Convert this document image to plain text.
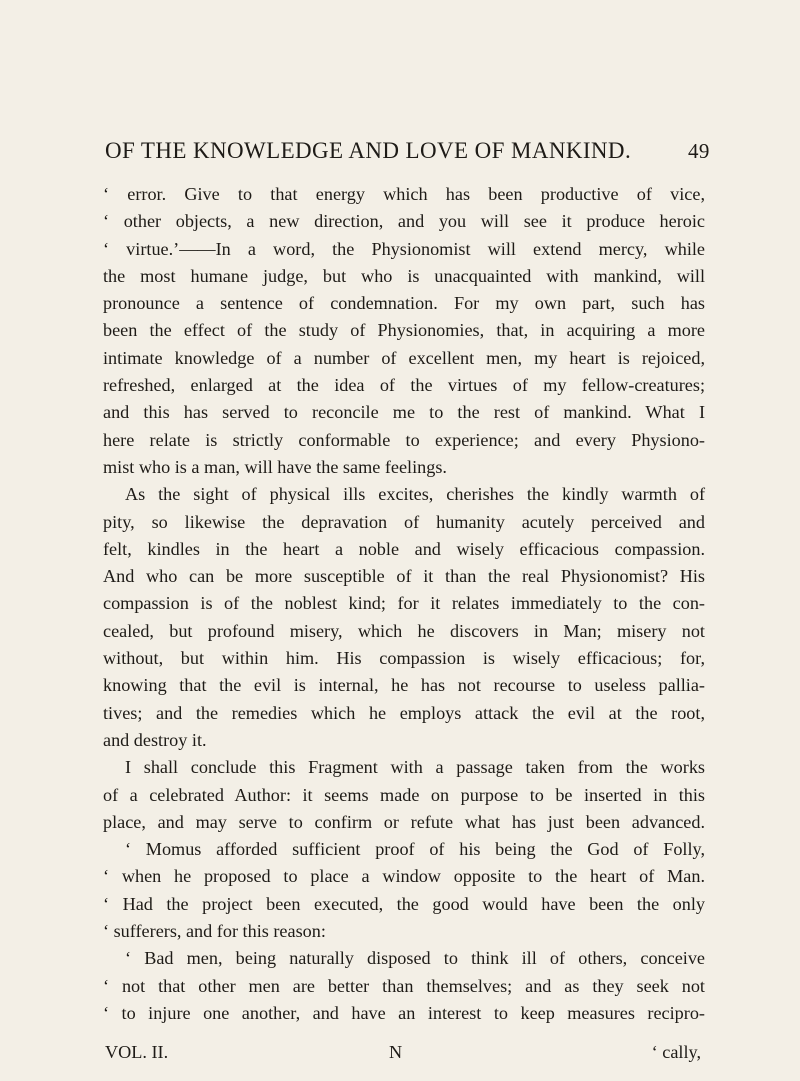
OF THE KNOWLEDGE AND LOVE OF MANKIND.	49
‘ error. Give to that energy which has been productive of vice,
‘ other objects, a new direction, and you will see it produce heroic
‘ virtue.’——In a word, the Physionomist will extend mercy, while
the most humane judge, but who is unacquainted with mankind, will
pronounce a sentence of condemnation. For my own part, such has
been the effect of the study of Physionomies, that, in acquiring a more
intimate knowledge of a number of excellent men, my heart is rejoiced,
refreshed, enlarged at the idea of the virtues of my fellow-creatures;
and this has served to reconcile me to the rest of mankind. What I
here relate is strictly conformable to experience; and every Physiono-
mist who is a man, will have the same feelings.
As the sight of physical ills excites, cherishes the kindly warmth of
pity, so likewise the depravation of humanity acutely perceived and
felt, kindles in the heart a noble and wisely efficacious compassion.
And who can be more susceptible of it than the real Physionomist? His
compassion is of the noblest kind; for it relates immediately to the con-
cealed, but profound misery, which he discovers in Man; misery not
without, but within him. His compassion is wisely efficacious; for,
knowing that the evil is internal, he has not recourse to useless pallia-
tives; and the remedies which he employs attack the evil at the root,
and destroy it.
I shall conclude this Fragment with a passage taken from the works
of a celebrated Author: it seems made on purpose to be inserted in this
place, and may serve to confirm or refute what has just been advanced.
‘ Momus afforded sufficient proof of his being the God of Folly,
‘ when he proposed to place a window opposite to the heart of Man.
‘ Had the project been executed, the good would have been the only
‘ sufferers, and for this reason:
‘ Bad men, being naturally disposed to think ill of others, conceive
‘ not that other men are better than themselves; and as they seek not
‘ to injure one another, and have an interest to keep measures recipro-
VOL. II.	N	‘ cally,
